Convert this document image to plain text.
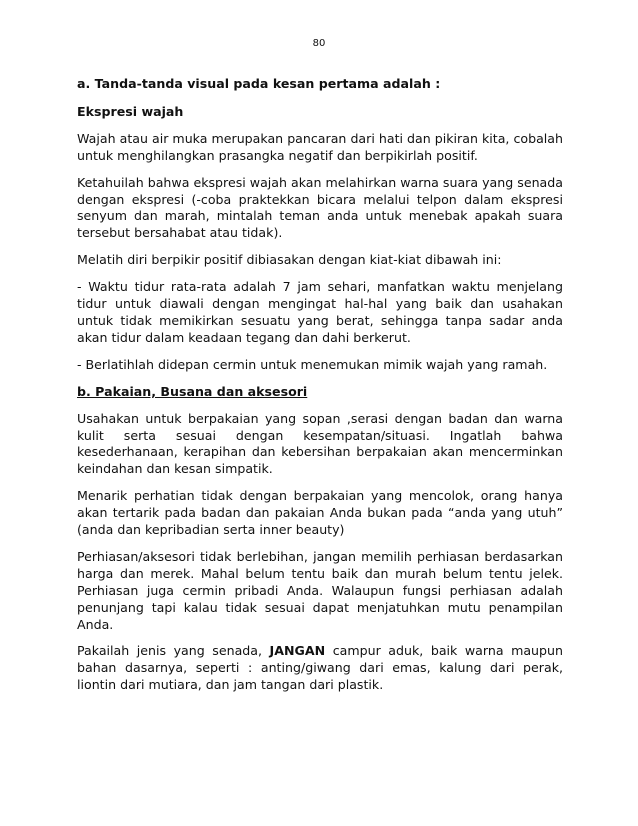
80
a. Tanda-tanda visual pada kesan pertama adalah :
Ekspresi wajah

Wajah atau air muka merupakan pancaran dari hati dan pikiran kita, cobalah untuk menghilangkan prasangka negatif dan berpikirlah positif.

Ketahuilah bahwa ekspresi wajah akan melahirkan warna suara yang senada dengan ekspresi (-coba praktekkan bicara melalui telpon dalam ekspresi senyum dan marah, mintalah teman anda untuk menebak apakah suara tersebut bersahabat atau tidak).

Melatih diri berpikir positif dibiasakan dengan kiat-kiat dibawah ini:

- Waktu tidur rata-rata adalah 7 jam sehari, manfatkan waktu menjelang tidur untuk diawali dengan mengingat hal-hal yang baik dan usahakan untuk tidak memikirkan sesuatu yang berat, sehingga tanpa sadar anda akan tidur dalam keadaan tegang dan dahi berkerut.

- Berlatihlah didepan cermin untuk menemukan mimik wajah yang ramah.

b. Pakaian, Busana dan aksesori

Usahakan untuk berpakaian yang sopan ,serasi dengan badan dan warna kulit serta sesuai dengan kesempatan/situasi. Ingatlah bahwa kesederhanaan, kerapihan dan kebersihan berpakaian akan mencerminkan keindahan dan kesan simpatik.

Menarik perhatian tidak dengan berpakaian yang mencolok, orang hanya akan tertarik pada badan dan pakaian Anda bukan pada “anda yang utuh” (anda dan kepribadian serta inner beauty)

Perhiasan/aksesori tidak berlebihan, jangan memilih perhiasan berdasarkan harga dan merek. Mahal belum tentu baik dan murah belum tentu jelek. Perhiasan juga cermin pribadi Anda. Walaupun fungsi perhiasan adalah penunjang tapi kalau tidak sesuai dapat menjatuhkan mutu penampilan Anda.

Pakailah jenis yang senada, JANGAN campur aduk, baik warna maupun bahan dasarnya, seperti : anting/giwang dari emas, kalung dari perak, liontin dari mutiara, dan jam tangan dari plastik.
